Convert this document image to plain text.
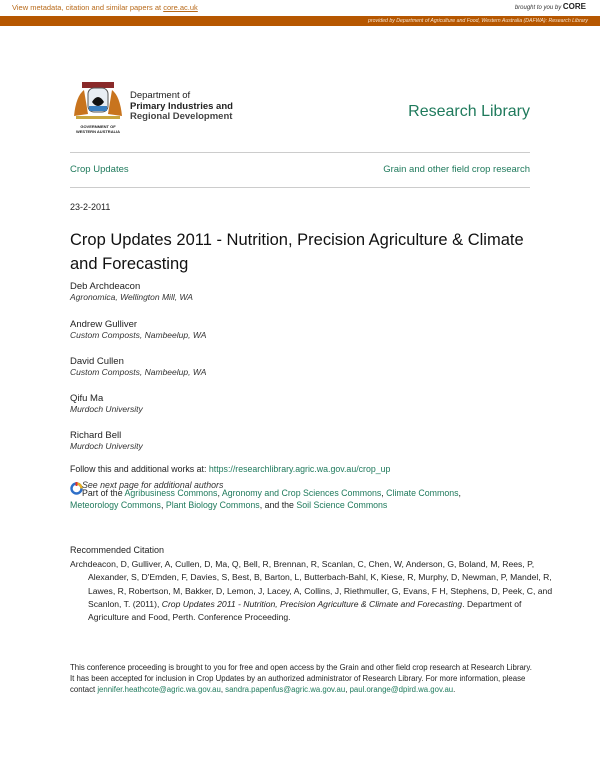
View metadata, citation and similar papers at core.ac.uk	brought to you by CORE
provided by Department of Agriculture and Food, Western Australia (DAFWA): Research Library
GOVERNMENT OF WESTERN AUSTRALIA
Department of
Primary Industries and
Regional Development	Research Library
Crop Updates	Grain and other field crop research
23-2-2011
Crop Updates 2011 - Nutrition, Precision Agriculture & Climate and Forecasting
Deb Archdeacon
Agronomica, Wellington Mill, WA
Andrew Gulliver
Custom Composts, Nambeelup, WA
David Cullen
Custom Composts, Nambeelup, WA
Qifu Ma
Murdoch University
Richard Bell
Murdoch University
Follow this and additional works at: https://researchlibrary.agric.wa.gov.au/crop_up
See next page for additional authors
Part of the Agribusiness Commons, Agronomy and Crop Sciences Commons, Climate Commons,
Meteorology Commons, Plant Biology Commons, and the Soil Science Commons
Recommended Citation
Archdeacon, D, Gulliver, A, Cullen, D, Ma, Q, Bell, R, Brennan, R, Scanlan, C, Chen, W, Anderson, G, Boland, M, Rees, P, Alexander, S, D'Emden, F, Davies, S, Best, B, Barton, L, Butterbach-Bahl, K, Kiese, R, Murphy, D, Newman, P, Mandel, R, Lawes, R, Robertson, M, Bakker, D, Lemon, J, Lacey, A, Collins, J, Riethmuller, G, Evans, F H, Stephens, D, Peek, C, and Scanlon, T. (2011), Crop Updates 2011 - Nutrition, Precision Agriculture & Climate and Forecasting. Department of Agriculture and Food, Perth. Conference Proceeding.
This conference proceeding is brought to you for free and open access by the Grain and other field crop research at Research Library. It has been accepted for inclusion in Crop Updates by an authorized administrator of Research Library. For more information, please contact jennifer.heathcote@agric.wa.gov.au, sandra.papenfus@agric.wa.gov.au, paul.orange@dpird.wa.gov.au.
